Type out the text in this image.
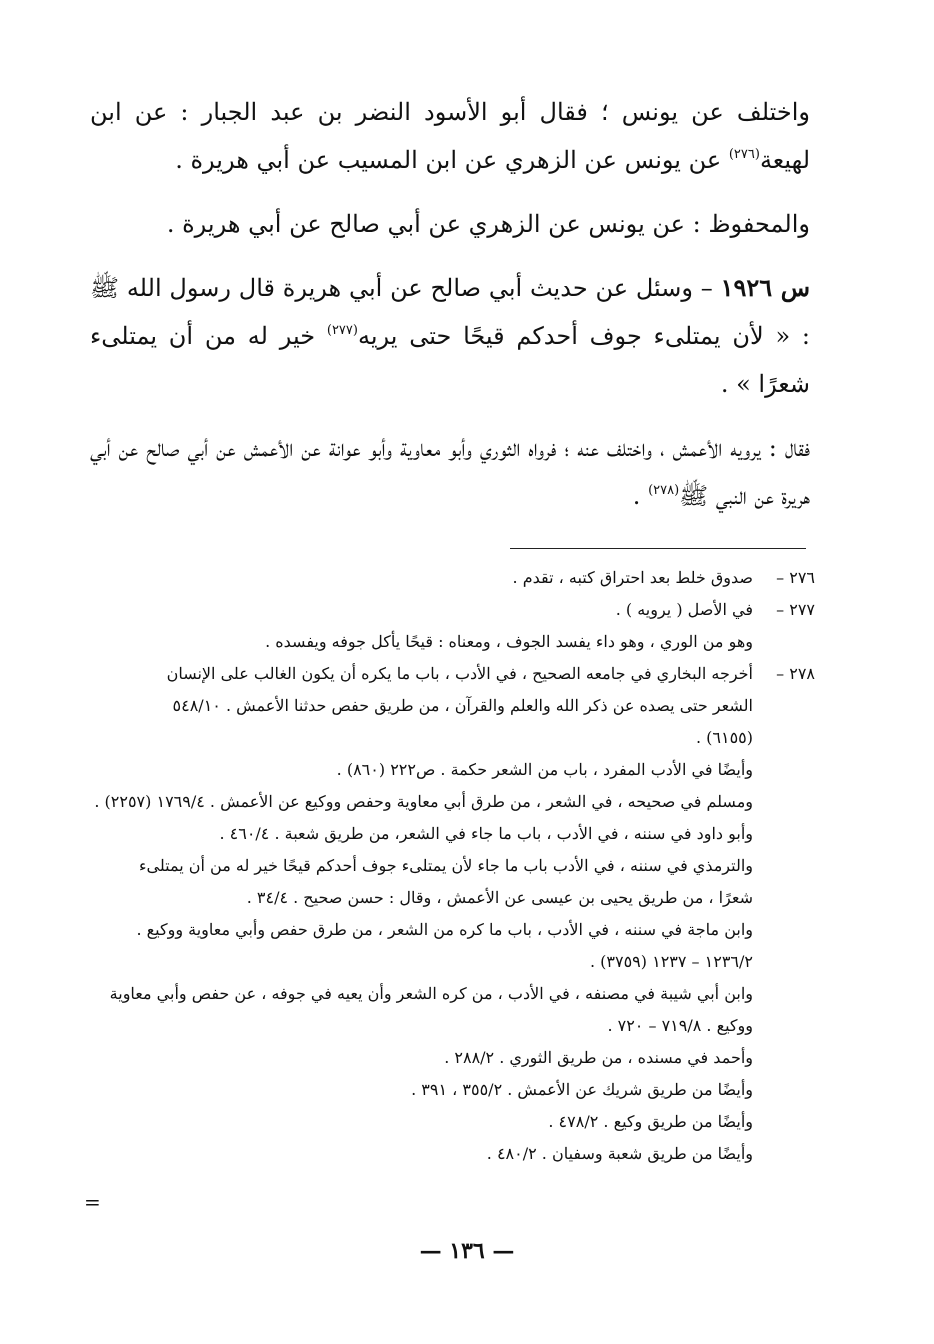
واختلف عن يونس ؛ فقال أبو الأسود النضر بن عبد الجبار : عن ابن لهيعة$^{(٢٧٦)}$ عن يونس عن الزهري عن ابن المسيب عن أبي هريرة .

والمحفوظ : عن يونس عن الزهري عن أبي صالح عن أبي هريرة .

س ١٩٢٦ – وسئل عن حديث أبي صالح عن أبي هريرة قال رسول الله ﷺ : « لأن يمتلىء جوف أحدكم قيحًا حتى يريه$^{(٢٧٧)}$ خير له من أن يمتلىء شعرًا » .

فقال : يرويه الأعمش ، واختلف عنه ؛ فرواه الثوري وأبو معاوية وأبو عوانة عن الأعمش عن أبي صالح عن أبي هريرة عن النبي ﷺ$^{(٢٧٨)}$ .

٢٧٦ –
صدوق خلط بعد احتراق كتبه ، تقدم .
٢٧٧ –
في الأصل ( يرويه ) .
وهو من الوري ، وهو داء يفسد الجوف ، ومعناه : قيحًا يأكل جوفه ويفسده .
٢٧٨ –
أخرجه البخاري في جامعه الصحيح ، في الأدب ، باب ما يكره أن يكون الغالب على الإنسان
الشعر حتى يصده عن ذكر الله والعلم والقرآن ، من طريق حفص حدثنا الأعمش . ٥٤٨/١٠
(٦١٥٥) .
وأيضًا في الأدب المفرد ، باب من الشعر حكمة . ص٢٢٢ (٨٦٠) .
ومسلم في صحيحه ، في الشعر ، من طرق أبي معاوية وحفص ووكيع عن الأعمش . ١٧٦٩/٤ (٢٢٥٧) .
وأبو داود في سننه ، في الأدب ، باب ما جاء في الشعر، من طريق شعبة . ٤٦٠/٤ .
والترمذي في سننه ، في الأدب باب ما جاء لأن يمتلىء جوف أحدكم قيحًا خير له من أن يمتلىء
شعرًا ، من طريق يحيى بن عيسى عن الأعمش ، وقال : حسن صحيح . ٣٤/٤ .
وابن ماجة في سننه ، في الأدب ، باب ما كره من الشعر ، من طرق حفص وأبي معاوية ووكيع .
١٢٣٦/٢ – ١٢٣٧ (٣٧٥٩) .
وابن أبي شيبة في مصنفه ، في الأدب ، من كره الشعر وأن يعيه في جوفه ، عن حفص وأبي معاوية
ووكيع . ٧١٩/٨ – ٧٢٠ .
وأحمد في مسنده ، من طريق الثوري . ٢٨٨/٢ .
وأيضًا من طريق شريك عن الأعمش . ٣٥٥/٢ ، ٣٩١ .
وأيضًا من طريق وكيع . ٤٧٨/٢ .
وأيضًا من طريق شعبة وسفيان . ٤٨٠/٢ .
=
— ١٣٦ —
